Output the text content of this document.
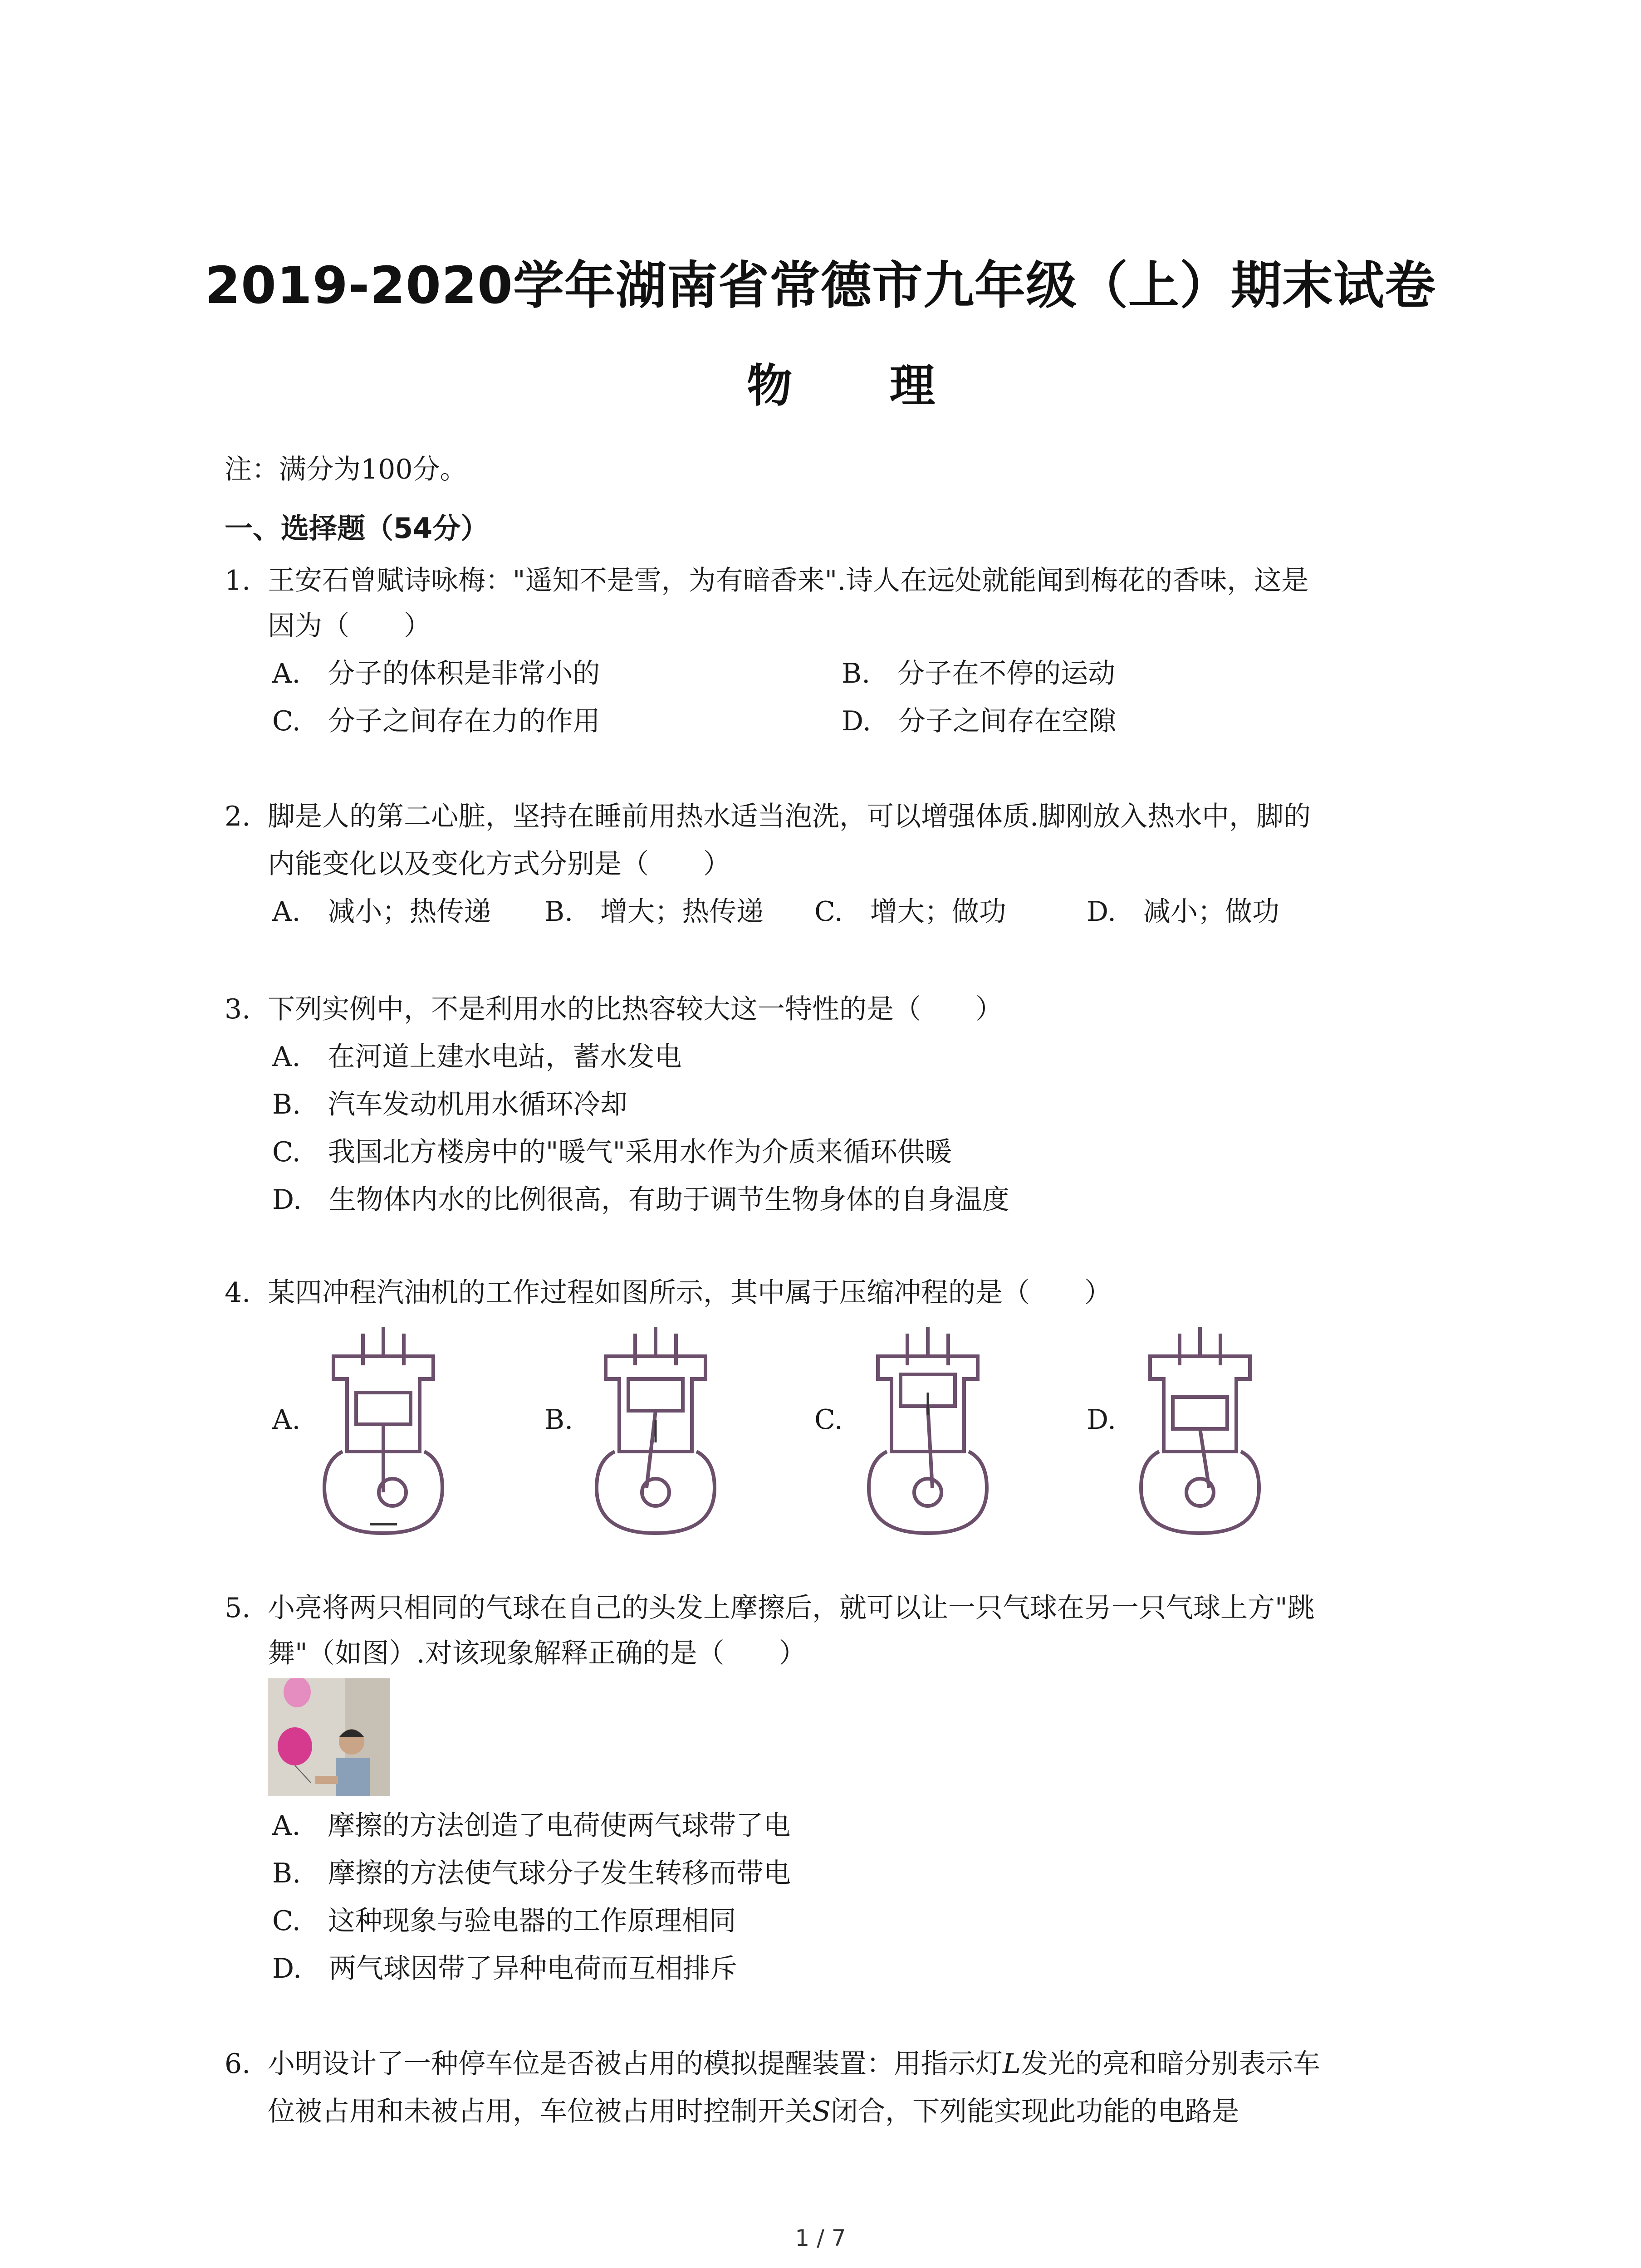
2019-2020学年湖南省常德市九年级（上）期末试卷
物 理
注：满分为100分。
一、选择题（54分）
1. 王安石曾赋诗咏梅："遥知不是雪，为有暗香来".诗人在远处就能闻到梅花的香味，这是
因为（　　）
A.　分子的体积是非常小的	B.　分子在不停的运动
C.　分子之间存在力的作用	D.　分子之间存在空隙
2. 脚是人的第二心脏，坚持在睡前用热水适当泡洗，可以增强体质.脚刚放入热水中，脚的
内能变化以及变化方式分别是（　　）
A.　减小；热传递 B.　增大；热传递 C.　增大；做功	D.　减小；做功
3. 下列实例中，不是利用水的比热容较大这一特性的是（　　）
A.　在河道上建水电站，蓄水发电
B.　汽车发动机用水循环冷却
C.　我国北方楼房中的"暖气"采用水作为介质来循环供暖
D.　生物体内水的比例很高，有助于调节生物身体的自身温度
4. 某四冲程汽油机的工作过程如图所示，其中属于压缩冲程的是（　　）
A.	B.	C.	D.
5. 小亮将两只相同的气球在自己的头发上摩擦后，就可以让一只气球在另一只气球上方"跳
舞"（如图）.对该现象解释正确的是（　　）
A.　摩擦的方法创造了电荷使两气球带了电
B.　摩擦的方法使气球分子发生转移而带电
C.　这种现象与验电器的工作原理相同
D.　两气球因带了异种电荷而互相排斥
6. 小明设计了一种停车位是否被占用的模拟提醒装置：用指示灯L发光的亮和暗分别表示车
位被占用和未被占用，车位被占用时控制开关S闭合，下列能实现此功能的电路是
1 / 7
